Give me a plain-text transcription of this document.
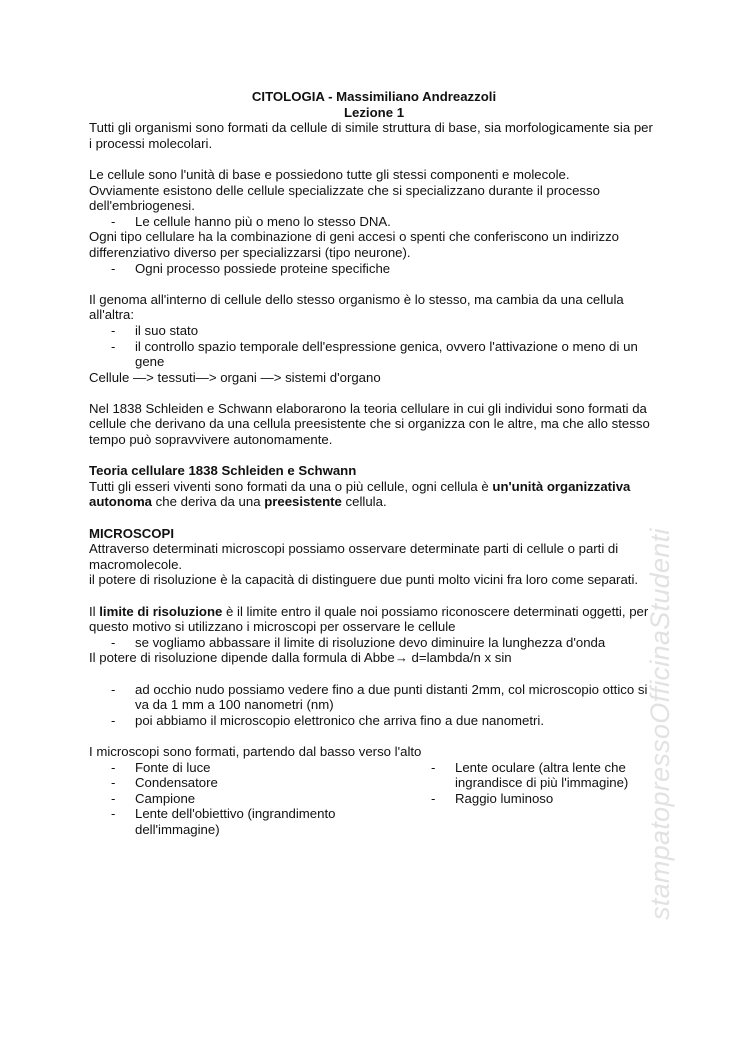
CITOLOGIA - Massimiliano Andreazzoli
Lezione 1

Tutti gli organismi sono formati da cellule di simile struttura di base, sia morfologicamente sia per i processi molecolari.

Le cellule sono l'unità di base e possiedono tutte gli stessi componenti e molecole.

Ovviamente esistono delle cellule specializzate che si specializzano durante il processo dell'embriogenesi.

- Le cellule hanno più o meno lo stesso DNA.

Ogni tipo cellulare ha la combinazione di geni accesi o spenti che conferiscono un indirizzo differenziativo diverso per specializzarsi (tipo neurone).

- Ogni processo possiede proteine specifiche

Il genoma all'interno di cellule dello stesso organismo è lo stesso, ma cambia da una cellula all'altra:

- il suo stato
- il controllo spazio temporale dell'espressione genica, ovvero l'attivazione o meno di un gene

Cellule —> tessuti—> organi —> sistemi d'organo

Nel 1838 Schleiden e Schwann elaborarono la teoria cellulare in cui gli individui sono formati da cellule che derivano da una cellula preesistente che si organizza con le altre, ma che allo stesso tempo può sopravvivere autonomamente.

Teoria cellulare 1838 Schleiden e Schwann

Tutti gli esseri viventi sono formati da una o più cellule, ogni cellula è un'unità organizzativa autonoma che deriva da una preesistente cellula.

MICROSCOPI

Attraverso determinati microscopi possiamo osservare determinate parti di cellule o parti di macromolecole.

il potere di risoluzione è la capacità di distinguere due punti molto vicini fra loro come separati.

Il limite di risoluzione è il limite entro il quale noi possiamo riconoscere determinati oggetti, per questo motivo si utilizzano i microscopi per osservare le cellule

- se vogliamo abbassare il limite di risoluzione devo diminuire la lunghezza d'onda

Il potere di risoluzione dipende dalla formula di Abbe→ d=lambda/n x sin

- ad occhio nudo possiamo vedere fino a due punti distanti 2mm, col microscopio ottico si va da 1 mm a 100 nanometri (nm)
- poi abbiamo il microscopio elettronico che arriva fino a due nanometri.

I microscopi sono formati, partendo dal basso verso l'alto

- Fonte di luce
- Condensatore
- Campione
- Lente dell'obiettivo (ingrandimento dell'immagine)
- Lente oculare (altra lente che ingrandisce di più l'immagine)
- Raggio luminoso	stampatopressoOfficinaStudenti
